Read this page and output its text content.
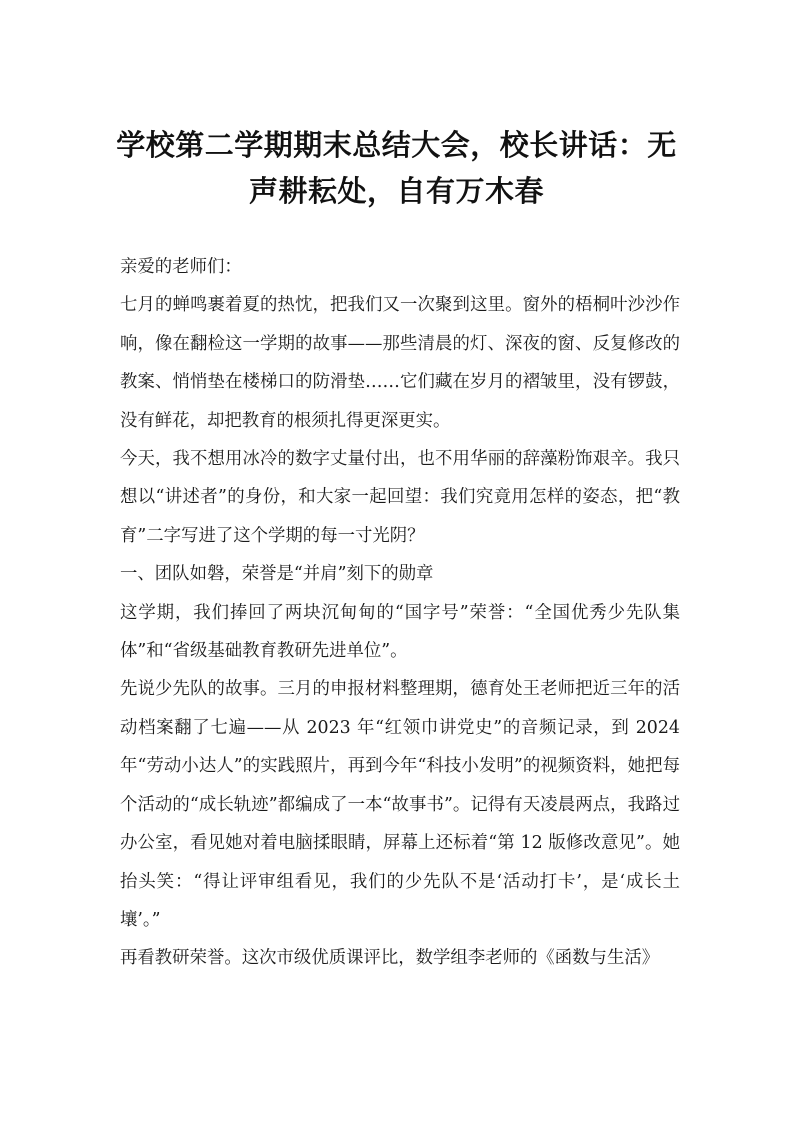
学校第二学期期末总结大会，校长讲话：无
声耕耘处，自有万木春

亲爱的老师们：

七月的蝉鸣裹着夏的热忱，把我们又一次聚到这里。窗外的梧桐叶沙沙作响，像在翻检这一学期的故事——那些清晨的灯、深夜的窗、反复修改的教案、悄悄垫在楼梯口的防滑垫……它们藏在岁月的褶皱里，没有锣鼓，没有鲜花，却把教育的根须扎得更深更实。

今天，我不想用冰冷的数字丈量付出，也不用华丽的辞藻粉饰艰辛。我只想以“讲述者”的身份，和大家一起回望：我们究竟用怎样的姿态，把“教育”二字写进了这个学期的每一寸光阴？

一、团队如磐，荣誉是“并肩”刻下的勋章

这学期，我们捧回了两块沉甸甸的“国字号”荣誉：“全国优秀少先队集体”和“省级基础教育教研先进单位”。

先说少先队的故事。三月的申报材料整理期，德育处王老师把近三年的活动档案翻了七遍——从 2023 年“红领巾讲党史”的音频记录，到 2024 年“劳动小达人”的实践照片，再到今年“科技小发明”的视频资料，她把每个活动的“成长轨迹”都编成了一本“故事书”。记得有天凌晨两点，我路过办公室，看见她对着电脑揉眼睛，屏幕上还标着“第 12 版修改意见”。她抬头笑：“得让评审组看见，我们的少先队不是‘活动打卡’，是‘成长土壤’。”

再看教研荣誉。这次市级优质课评比，数学组李老师的《函数与生活》
